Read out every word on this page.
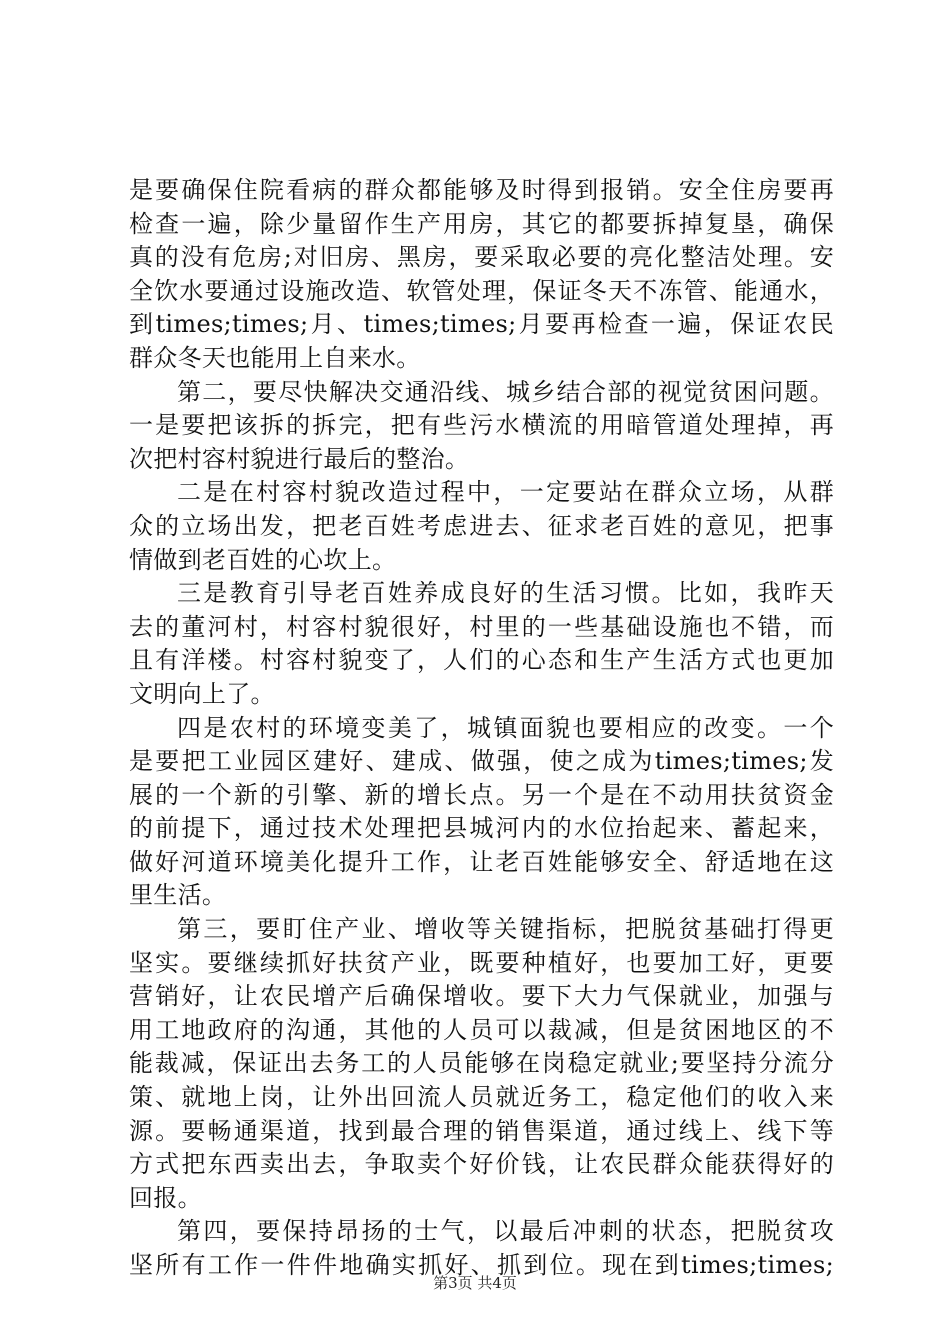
是要确保住院看病的群众都能够及时得到报销。安全住房要再
检查一遍，除少量留作生产用房，其它的都要拆掉复垦，确保
真的没有危房;对旧房、黑房，要采取必要的亮化整洁处理。安
全饮水要通过设施改造、软管处理，保证冬天不冻管、能通水，
到times;times;月、times;times;月要再检查一遍，保证农民
群众冬天也能用上自来水。
第二，要尽快解决交通沿线、城乡结合部的视觉贫困问题。
一是要把该拆的拆完，把有些污水横流的用暗管道处理掉，再
次把村容村貌进行最后的整治。
二是在村容村貌改造过程中，一定要站在群众立场，从群
众的立场出发，把老百姓考虑进去、征求老百姓的意见，把事
情做到老百姓的心坎上。
三是教育引导老百姓养成良好的生活习惯。比如，我昨天
去的董河村，村容村貌很好，村里的一些基础设施也不错，而
且有洋楼。村容村貌变了，人们的心态和生产生活方式也更加
文明向上了。
四是农村的环境变美了，城镇面貌也要相应的改变。一个
是要把工业园区建好、建成、做强，使之成为times;times;发
展的一个新的引擎、新的增长点。另一个是在不动用扶贫资金
的前提下，通过技术处理把县城河内的水位抬起来、蓄起来，
做好河道环境美化提升工作，让老百姓能够安全、舒适地在这
里生活。
第三，要盯住产业、增收等关键指标，把脱贫基础打得更
坚实。要继续抓好扶贫产业，既要种植好，也要加工好，更要
营销好，让农民增产后确保增收。要下大力气保就业，加强与
用工地政府的沟通，其他的人员可以裁减，但是贫困地区的不
能裁减，保证出去务工的人员能够在岗稳定就业;要坚持分流分
策、就地上岗，让外出回流人员就近务工，稳定他们的收入来
源。要畅通渠道，找到最合理的销售渠道，通过线上、线下等
方式把东西卖出去，争取卖个好价钱，让农民群众能获得好的
回报。
第四，要保持昂扬的士气，以最后冲刺的状态，把脱贫攻
坚所有工作一件件地确实抓好、抓到位。现在到times;times;
第3页 共4页
